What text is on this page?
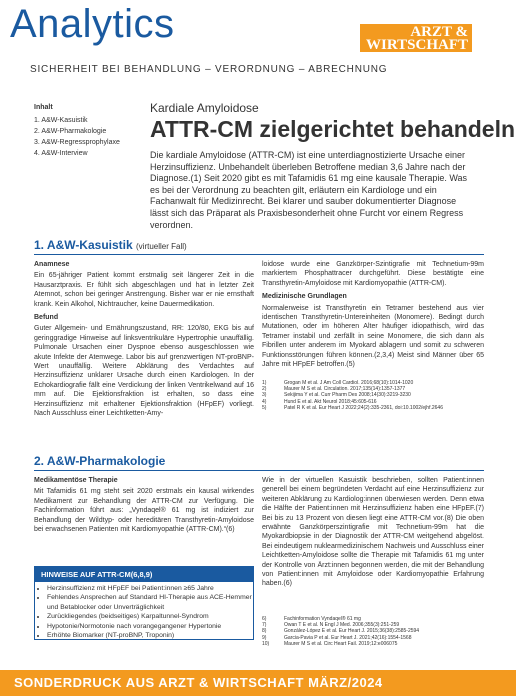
Analytics	ARZT &
WIRTSCHAFT
SICHERHEIT BEI BEHANDLUNG – VERORDNUNG – ABRECHNUNG
Inhalt
1. A&W-Kasuistik
2. A&W-Pharmakologie
3. A&W-Regressprophylaxe
4. A&W-Interview
Kardiale Amyloidose
ATTR-CM zielgerichtet behandeln
Die kardiale Amyloidose (ATTR-CM) ist eine unterdiagnostizierte Ursache einer Herzinsuffizienz. Unbehandelt überleben Betroffene median 3,6 Jahre nach der Diagnose.(1) Seit 2020 gibt es mit Tafamidis 61 mg eine kausale Therapie. Was es bei der Verordnung zu beachten gilt, erläutern ein Kardiologe und ein Fachanwalt für Medizinrecht. Bei klarer und sauber dokumentierter Diagnose lässt sich das Präparat als Praxisbesonderheit ohne Furcht vor einem Regress verordnen.
1. A&W-Kasuistik (virtueller Fall)
Anamnese

Ein 65-jähriger Patient kommt erstmalig seit längerer Zeit in die Hausarztpraxis. Er fühlt sich abgeschlagen und hat in letzter Zeit Atemnot, schon bei geringer Anstrengung. Bisher war er nie ernsthaft krank. Kein Alkohol, Nichtraucher, keine Dauermedikation.

Befund

Guter Allgemein- und Ernährungszustand, RR: 120/80, EKG bis auf geringgradige Hinweise auf linksventrikuläre Hypertrophie unauffällig. Pulmonale Ursachen einer Dyspnoe ebenso ausgeschlossen wie akute Infekte der Atemwege. Labor bis auf grenzwertigen NT-proBNP-Wert unauffällig. Weitere Abklärung des Verdachtes auf Herzinsuffizienz unklarer Ursache durch einen Kardiologen. In der Echokardiografie fällt eine Verdickung der linken Ventrikelwand auf 16 mm auf. Die Ejektionsfraktion ist erhalten, so dass eine Herzinsuffizienz mit erhaltener Ejektionsfraktion (HFpEF) vorliegt. Nach Ausschluss einer Leichtketten-Amy-

loidose wurde eine Ganzkörper-Szintigrafie mit Technetium-99m markiertem Phosphattracer durchgeführt. Diese bestätigte eine Transthyretin-Amyloidose mit Kardiomyopathie (ATTR-CM).

Medizinische Grundlagen

Normalerweise ist Transthyretin ein Tetramer bestehend aus vier identischen Transthyretin-Untereinheiten (Monomere). Bedingt durch Mutationen, oder im höheren Alter häufiger idiopathisch, wird das Tetramer instabil und zerfällt in seine Monomere, die sich dann als Fibrillen unter anderem im Myokard ablagern und somit zu schweren Funktionsstörungen führen können.(2,3,4) Meist sind Männer über 65 Jahre mit HFpEF betroffen.(5)

1)	Grogan M et al. J Am Coll Cardiol. 2016;68(10):1014-1020
2)	Maurer M S et al. Circulation. 2017;135(14):1357-1377
3)	Sekijima Y et al. Curr Pharm Des 2008;14(30):3219-3230
4)	Hund E et al. Akt Neurol 2018;45:605-616
5)	Patel R K et al. Eur Heart J 2022;24(2):335-2361, doi:10.1002/ejhf.2646
2. A&W-Pharmakologie
Medikamentöse Therapie

Mit Tafamidis 61 mg steht seit 2020 erstmals ein kausal wirkendes Medikament zur Behandlung der ATTR-CM zur Verfügung. Die Fachinformation führt aus: „Vyndaqel® 61 mg ist indiziert zur Behandlung der Wildtyp- oder hereditären Transthyretin-Amyloidose bei erwachsenen Patienten mit Kardiomyopathie (ATTR-CM).“(6)

HINWEISE AUF ATTR-CM(6,8,9)
• Herzinsuffizienz mit HFpEF bei Patient:innen ≥65 Jahre
• Fehlendes Ansprechen auf Standard HI-Therapie aus ACE-Hemmer und Betablocker oder Unverträglichkeit
• Zurückliegendes (beidseitiges) Karpaltunnel-Syndrom
• Hypotonie/Normotonie nach vorangegangener Hypertonie
• Erhöhte Biomarker (NT-proBNP, Troponin)

Wie in der virtuellen Kasuistik beschrieben, sollten Patient:innen generell bei einem begründeten Verdacht auf eine Herzinsuffizienz zur weiteren Abklärung zu Kardiolog:innen überwiesen werden. Denn etwa die Hälfte der Patient:innen mit Herzinsuffizienz haben eine HFpEF.(7) Bei bis zu 13 Prozent von diesen liegt eine ATTR-CM vor.(8) Die oben erwähnte Ganzkörperszintigrafie mit Technetium-99m hat die Myokardbiopsie in der Diagnostik der ATTR-CM weitgehend abgelöst. Bei eindeutigem nuklearmedizinischem Nachweis und Ausschluss einer Leichtketten-Amyloidose sollte die Therapie mit Tafamidis 61 mg unter der Kontrolle von Ärzt:innen begonnen werden, die mit der Behandlung von Patient:innen mit Amyloidose oder Kardiomyopathie Erfahrung haben.(6)

6)	Fachinformation Vyndaqel® 61 mg
7)	Owan T E et al. N Engl J Med. 2006;355(3):251-259
8)	González-López E et al. Eur Heart J. 2015;36(38):2585-2594
9)	Garcia-Pavia P et al. Eur Heart J. 2021;42(16):1554-1568
10)	Maurer M S et al. Circ Heart Fail. 2019;12:e006075
SONDERDRUCK AUS ARZT & WIRTSCHAFT MÄRZ/2024
